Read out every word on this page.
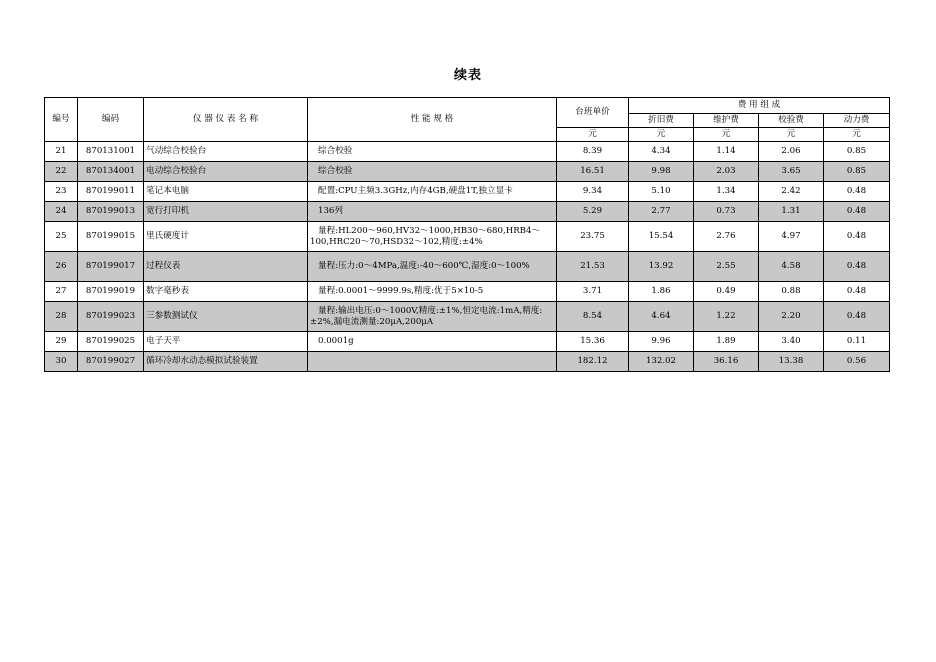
续表
编号	编码	仪 器 仪 表 名 称	性 能 规 格	台班单价	费 用 组 成			
					折旧费	维护费	校验费	动力费
				元	元	元	元	元
21	870131001	气动综合校验台	综合校验	8.39	4.34	1.14	2.06	0.85
22	870134001	电动综合校验台	综合校验	16.51	9.98	2.03	3.65	0.85
23	870199011	笔记本电脑	配置:CPU主频3.3GHz,内存4GB,硬盘1T,独立显卡	9.34	5.10	1.34	2.42	0.48
24	870199013	宽行打印机	136列	5.29	2.77	0.73	1.31	0.48
25	870199015	里氏硬度计	量程:HL200～960,HV32～1000,HB30～680,HRB4～100,HRC20～70,HSD32～102,精度:±4%	23.75	15.54	2.76	4.97	0.48
26	870199017	过程仪表	量程:压力:0～4MPa,温度:-40～600℃,湿度:0～100%	21.53	13.92	2.55	4.58	0.48
27	870199019	数字毫秒表	量程:0.0001～9999.9s,精度:优于5×10-5	3.71	1.86	0.49	0.88	0.48
28	870199023	三参数测试仪	量程:输出电压:0～1000V,精度:±1%,恒定电流:1mA,精度:±2%,漏电流测量:20μA,200μA	8.54	4.64	1.22	2.20	0.48
29	870199025	电子天平	0.0001g	15.36	9.96	1.89	3.40	0.11
30	870199027	循环冷却水动态模拟试验装置		182.12	132.02	36.16	13.38	0.56
